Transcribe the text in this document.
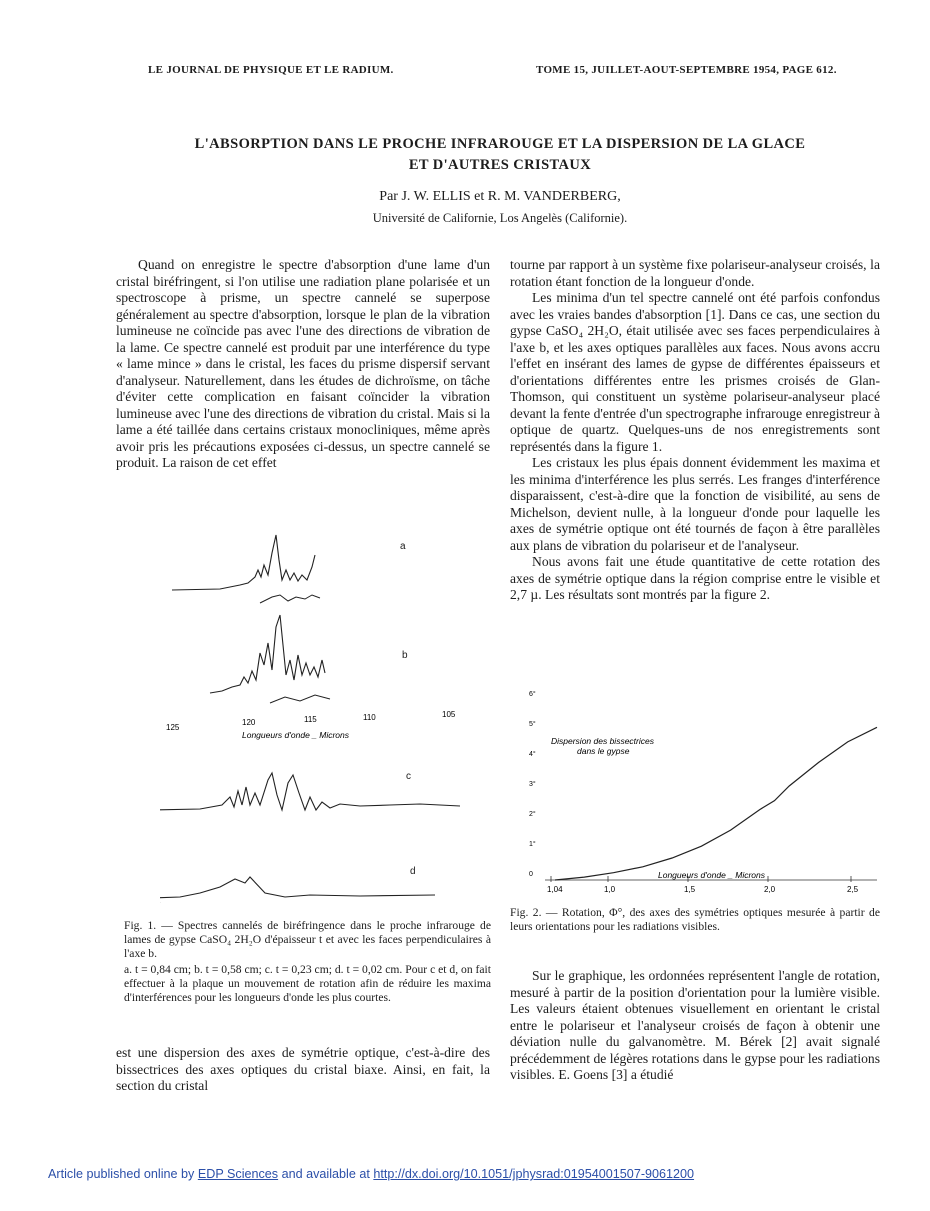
LE JOURNAL DE PHYSIQUE ET LE RADIUM.	TOME 15, JUILLET-AOUT-SEPTEMBRE 1954, PAGE 612.
L'ABSORPTION DANS LE PROCHE INFRAROUGE ET LA DISPERSION DE LA GLACE
ET D'AUTRES CRISTAUX
Par J. W. ELLIS et R. M. VANDERBERG,
Université de Californie, Los Angelès (Californie).

Quand on enregistre le spectre d'absorption d'une lame d'un cristal biréfringent, si l'on utilise une radiation plane polarisée et un spectroscope à prisme, un spectre cannelé se superpose généralement au spectre d'absorption, lorsque le plan de la vibration lumineuse ne coïncide pas avec l'une des directions de vibration de la lame. Ce spectre cannelé est produit par une interférence du type « lame mince » dans le cristal, les faces du prisme dispersif servant d'analyseur. Naturellement, dans les études de dichroïsme, on tâche d'éviter cette complication en faisant coïncider la vibration lumineuse avec l'une des directions de vibration du cristal. Mais si la lame a été taillée dans certains cristaux monocliniques, même après avoir pris les précautions exposées ci-dessus, un spectre cannelé se produit. La raison de cet effet

125
120	115	110	105
Longueurs d'onde _ Microns
a
b
c
d
Fig. 1. — Spectres cannelés de biréfringence dans le proche infrarouge de lames de gypse CaSO₄ 2H₂O d'épaisseur t et avec les faces perpendiculaires à l'axe b.
a. t = 0,84 cm; b. t = 0,58 cm; c. t = 0,23 cm; d. t = 0,02 cm. Pour c et d, on fait effectuer à la plaque un mouvement de rotation afin de réduire les maxima d'interférences pour les longueurs d'onde les plus courtes.

est une dispersion des axes de symétrie optique, c'est-à-dire des bissectrices des axes optiques du cristal biaxe. Ainsi, en fait, la section du cristal

tourne par rapport à un système fixe polariseur-analyseur croisés, la rotation étant fonction de la longueur d'onde.

Les minima d'un tel spectre cannelé ont été parfois confondus avec les vraies bandes d'absorption [1]. Dans ce cas, une section du gypse CaSO₄ 2H₂O, était utilisée avec ses faces perpendiculaires à l'axe b, et les axes optiques parallèles aux faces. Nous avons accru l'effet en insérant des lames de gypse de différentes épaisseurs et d'orientations différentes entre les prismes croisés de Glan-Thomson, qui constituent un système polariseur-analyseur placé devant la fente d'entrée d'un spectrographe infrarouge enregistreur à optique de quartz. Quelques-uns de nos enregistrements sont représentés dans la figure 1.

Les cristaux les plus épais donnent évidemment les maxima et les minima d'interférence les plus serrés. Les franges d'interférence disparaissent, c'est-à-dire que la fonction de visibilité, au sens de Michelson, devient nulle, à la longueur d'onde pour laquelle les axes de symétrie optique ont été tournés de façon à être parallèles aux plans de vibration du polariseur et de l'analyseur.

Nous avons fait une étude quantitative de cette rotation des axes de symétrie optique dans la région comprise entre le visible et 2,7 µ. Les résultats sont montrés par la figure 2.

6°
5°
4°
3°
2°
1°
0
1,04	1,0	1,5	2,0	2,5
Dispersion des bissectrices
dans le gypse
Longueurs d'onde _ Microns
Fig. 2. — Rotation, Φ°, des axes des symétries optiques mesurée à partir de leurs orientations pour les radiations visibles.

Sur le graphique, les ordonnées représentent l'angle de rotation, mesuré à partir de la position d'orientation pour la lumière visible. Les valeurs étaient obtenues visuellement en orientant le cristal entre le polariseur et l'analyseur croisés de façon à obtenir une déviation nulle du galvanomètre. M. Bérek [2] avait signalé précédemment de légères rotations dans le gypse pour les radiations visibles. E. Goens [3] a étudié

Article published online by EDP Sciences and available at http://dx.doi.org/10.1051/jphysrad:01954001507-9061200
